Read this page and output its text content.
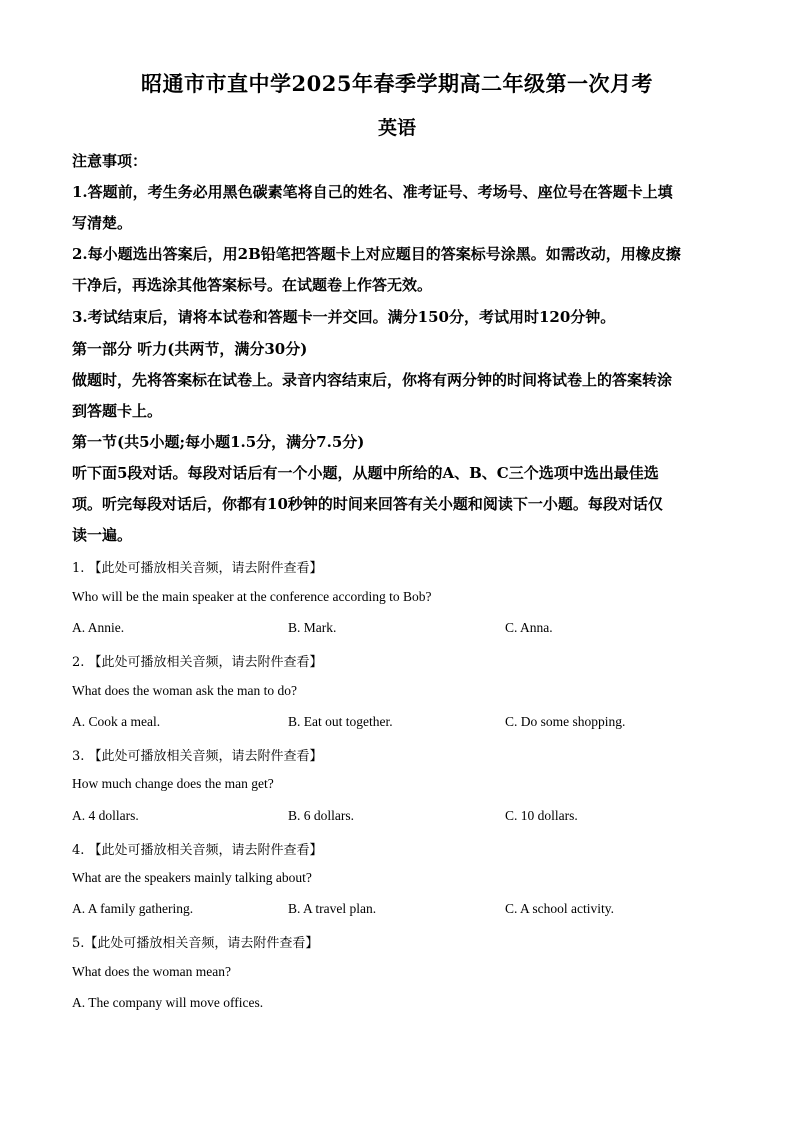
昭通市市直中学2025年春季学期高二年级第一次月考
英语
注意事项：
1.答题前，考生务必用黑色碳素笔将自己的姓名、准考证号、考场号、座位号在答题卡上填
写清楚。
2.每小题选出答案后，用2B铅笔把答题卡上对应题目的答案标号涂黑。如需改动，用橡皮擦
干净后，再选涂其他答案标号。在试题卷上作答无效。
3.考试结束后，请将本试卷和答题卡一并交回。满分150分，考试用时120分钟。
第一部分 听力(共两节，满分30分)
做题时，先将答案标在试卷上。录音内容结束后，你将有两分钟的时间将试卷上的答案转涂
到答题卡上。
第一节(共5小题;每小题1.5分，满分7.5分)
听下面5段对话。每段对话后有一个小题，从题中所给的A、B、C三个选项中选出最佳选
项。听完每段对话后，你都有10秒钟的时间来回答有关小题和阅读下一小题。每段对话仅
读一遍。
1. 【此处可播放相关音频，请去附件查看】
Who will be the main speaker at the conference according to Bob?
A. Annie.	B. Mark.	C. Anna.
2. 【此处可播放相关音频，请去附件查看】
What does the woman ask the man to do?
A. Cook a meal.	B. Eat out together.	C. Do some shopping.
3. 【此处可播放相关音频，请去附件查看】
How much change does the man get?
A. 4 dollars.	B. 6 dollars.	C. 10 dollars.
4. 【此处可播放相关音频，请去附件查看】
What are the speakers mainly talking about?
A. A family gathering.	B. A travel plan.	C. A school activity.
5.【此处可播放相关音频，请去附件查看】
What does the woman mean?
A. The company will move offices.
